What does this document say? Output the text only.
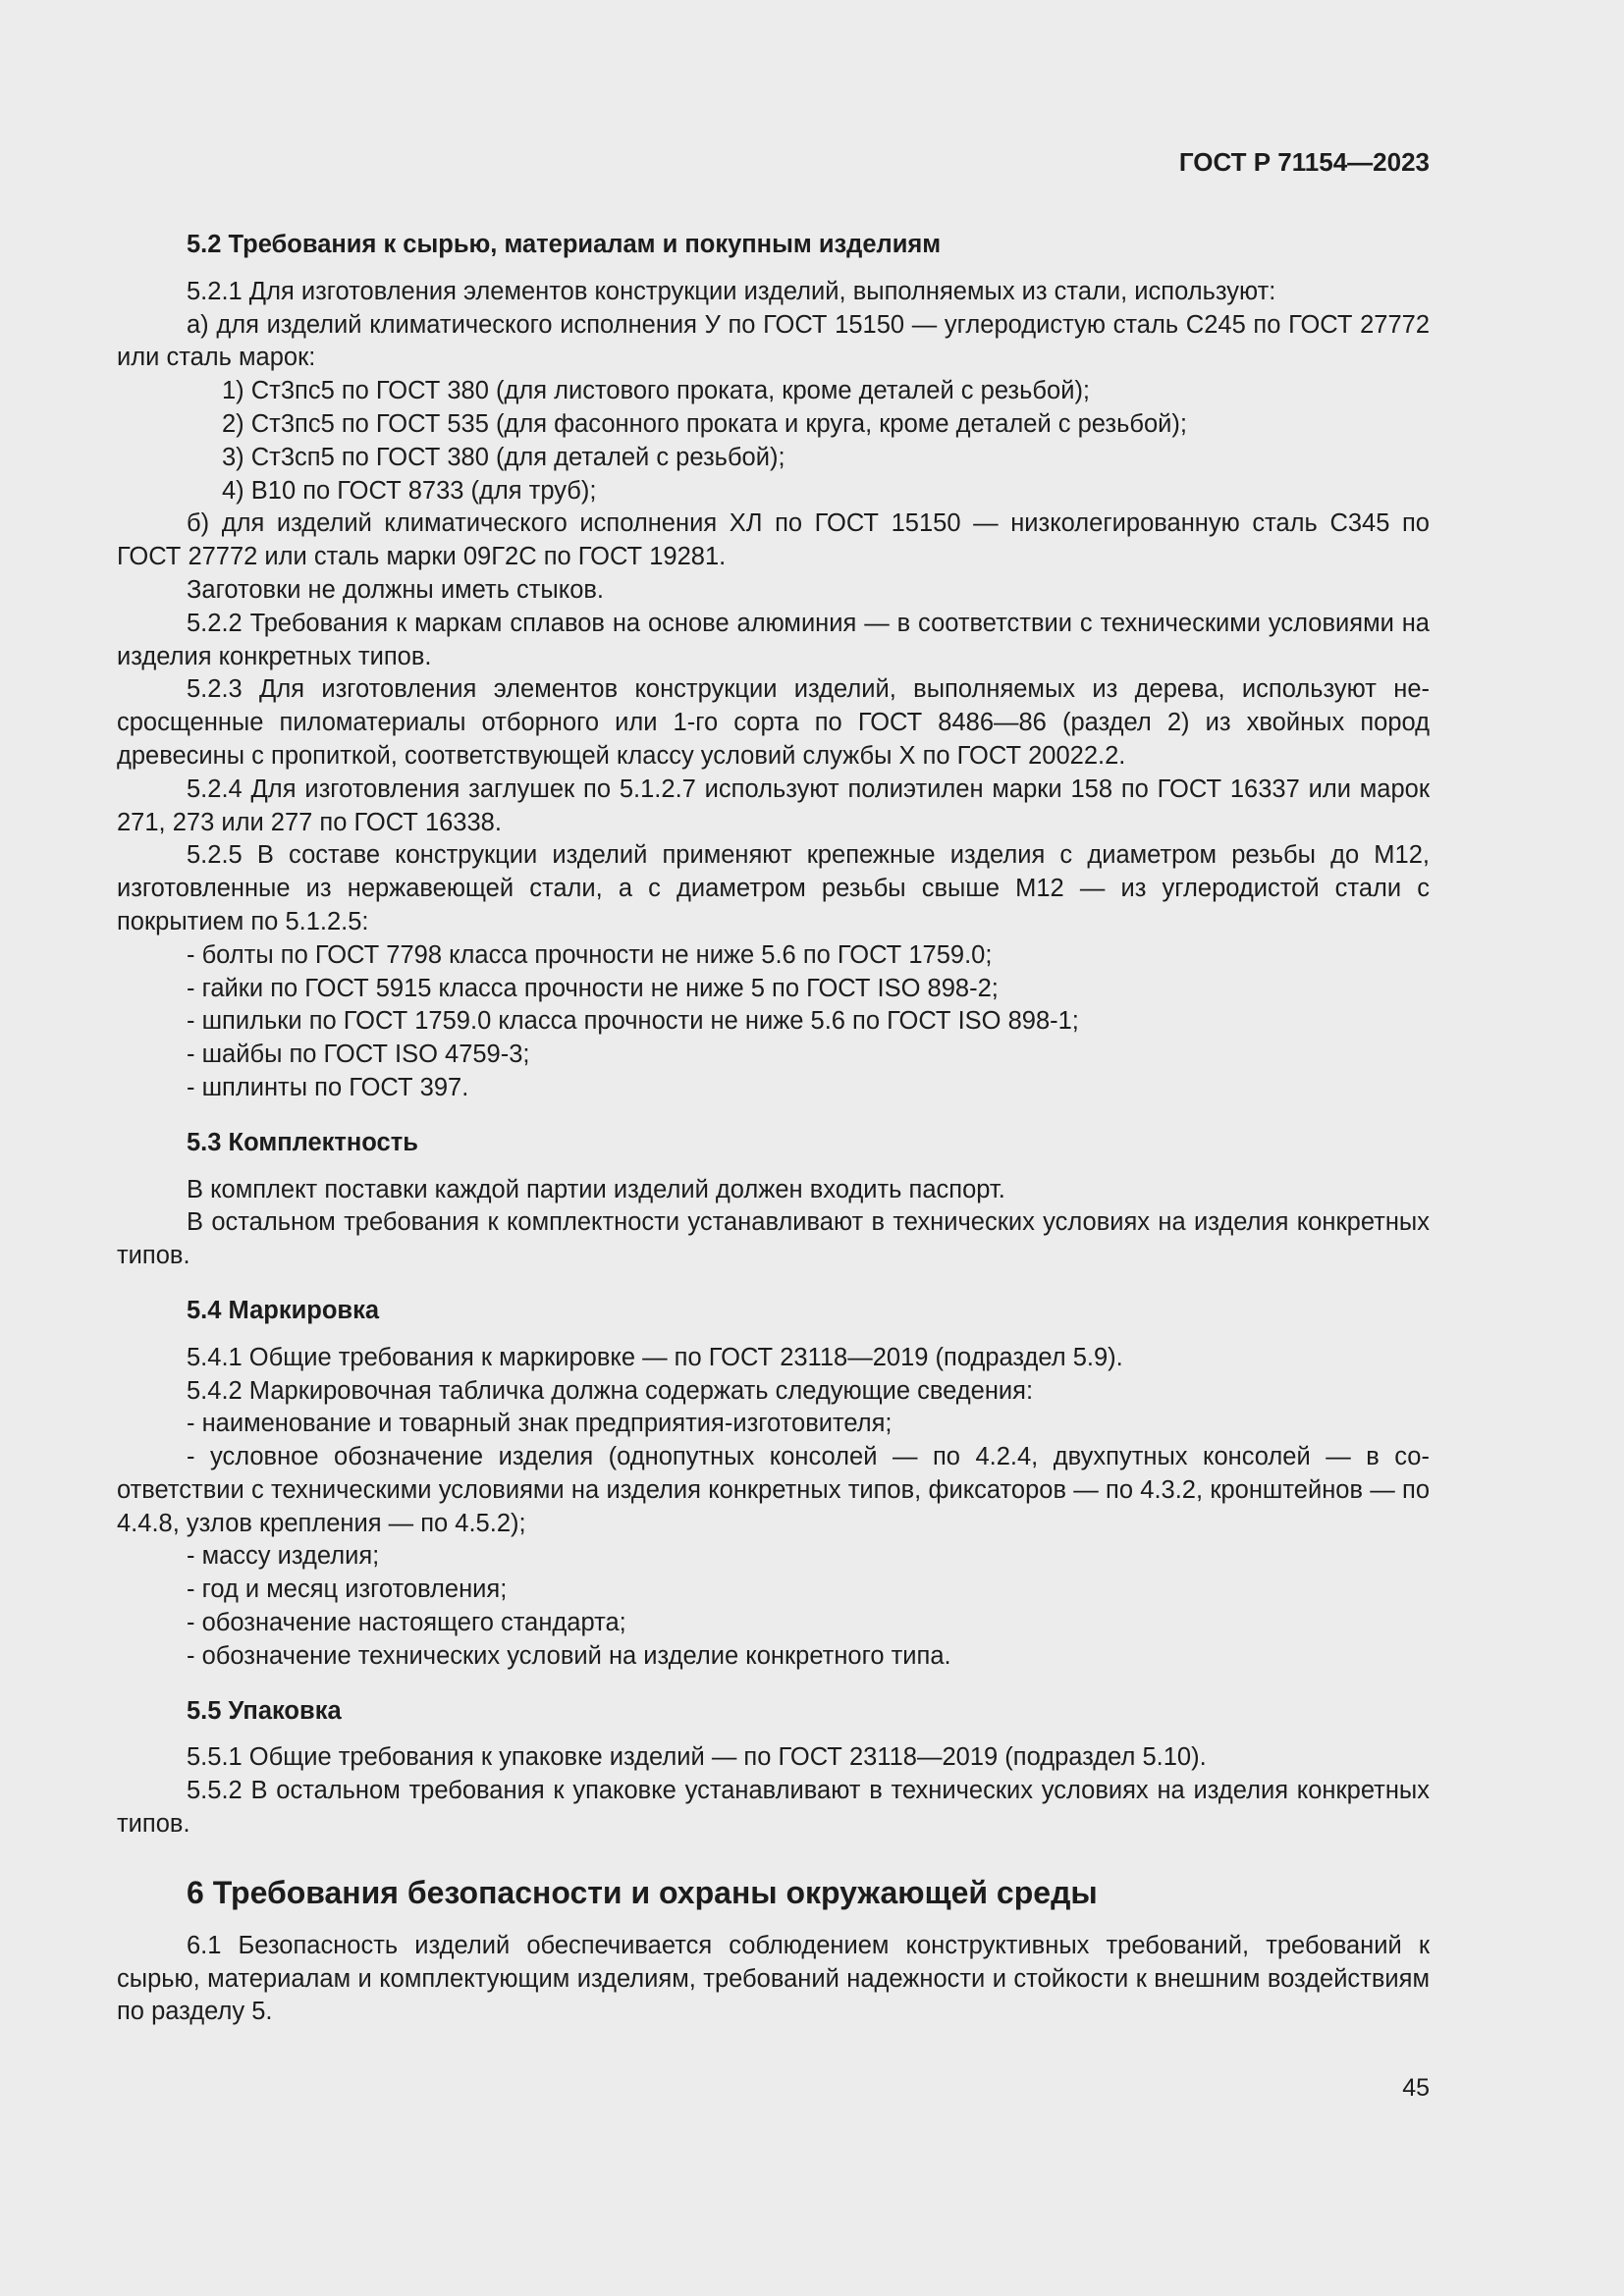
ГОСТ Р 71154—2023

5.2 Требования к сырью, материалам и покупным изделиям

5.2.1 Для изготовления элементов конструкции изделий, выполняемых из стали, используют:

а) для изделий климатического исполнения У по ГОСТ 15150 — углеродистую сталь С245 по ГОСТ 27772 или сталь марок:

1) Ст3пс5 по ГОСТ 380 (для листового проката, кроме деталей с резьбой);

2) Ст3пс5 по ГОСТ 535 (для фасонного проката и круга, кроме деталей с резьбой);

3) Ст3сп5 по ГОСТ 380 (для деталей с резьбой);

4) В10 по ГОСТ 8733 (для труб);

б) для изделий климатического исполнения ХЛ по ГОСТ 15150 — низколегированную сталь С345 по ГОСТ 27772 или сталь марки 09Г2С по ГОСТ 19281.

Заготовки не должны иметь стыков.

5.2.2 Требования к маркам сплавов на основе алюминия — в соответствии с техническими условиями на изделия конкретных типов.

5.2.3 Для изготовления элементов конструкции изделий, выполняемых из дерева, используют несросщенные пиломатериалы отборного или 1-го сорта по ГОСТ 8486—86 (раздел 2) из хвойных пород древесины с пропиткой, соответствующей классу условий службы X по ГОСТ 20022.2.

5.2.4 Для изготовления заглушек по 5.1.2.7 используют полиэтилен марки 158 по ГОСТ 16337 или марок 271, 273 или 277 по ГОСТ 16338.

5.2.5 В составе конструкции изделий применяют крепежные изделия с диаметром резьбы до М12, изготовленные из нержавеющей стали, а с диаметром резьбы свыше М12 — из углеродистой стали с покрытием по 5.1.2.5:

- болты по ГОСТ 7798 класса прочности не ниже 5.6 по ГОСТ 1759.0;

- гайки по ГОСТ 5915 класса прочности не ниже 5 по ГОСТ ISO 898-2;

- шпильки по ГОСТ 1759.0 класса прочности не ниже 5.6 по ГОСТ ISO 898-1;

- шайбы по ГОСТ ISO 4759-3;

- шплинты по ГОСТ 397.

5.3 Комплектность

В комплект поставки каждой партии изделий должен входить паспорт.

В остальном требования к комплектности устанавливают в технических условиях на изделия конкретных типов.

5.4 Маркировка

5.4.1 Общие требования к маркировке — по ГОСТ 23118—2019 (подраздел 5.9).

5.4.2 Маркировочная табличка должна содержать следующие сведения:

- наименование и товарный знак предприятия-изготовителя;

- условное обозначение изделия (однопутных консолей — по 4.2.4, двухпутных консолей — в соответствии с техническими условиями на изделия конкретных типов, фиксаторов — по 4.3.2, кронштейнов — по 4.4.8, узлов крепления — по 4.5.2);

- массу изделия;

- год и месяц изготовления;

- обозначение настоящего стандарта;

- обозначение технических условий на изделие конкретного типа.

5.5 Упаковка

5.5.1 Общие требования к упаковке изделий — по ГОСТ 23118—2019 (подраздел 5.10).

5.5.2 В остальном требования к упаковке устанавливают в технических условиях на изделия конкретных типов.

6 Требования безопасности и охраны окружающей среды

6.1 Безопасность изделий обеспечивается соблюдением конструктивных требований, требований к сырью, материалам и комплектующим изделиям, требований надежности и стойкости к внешним воздействиям по разделу 5.

45
